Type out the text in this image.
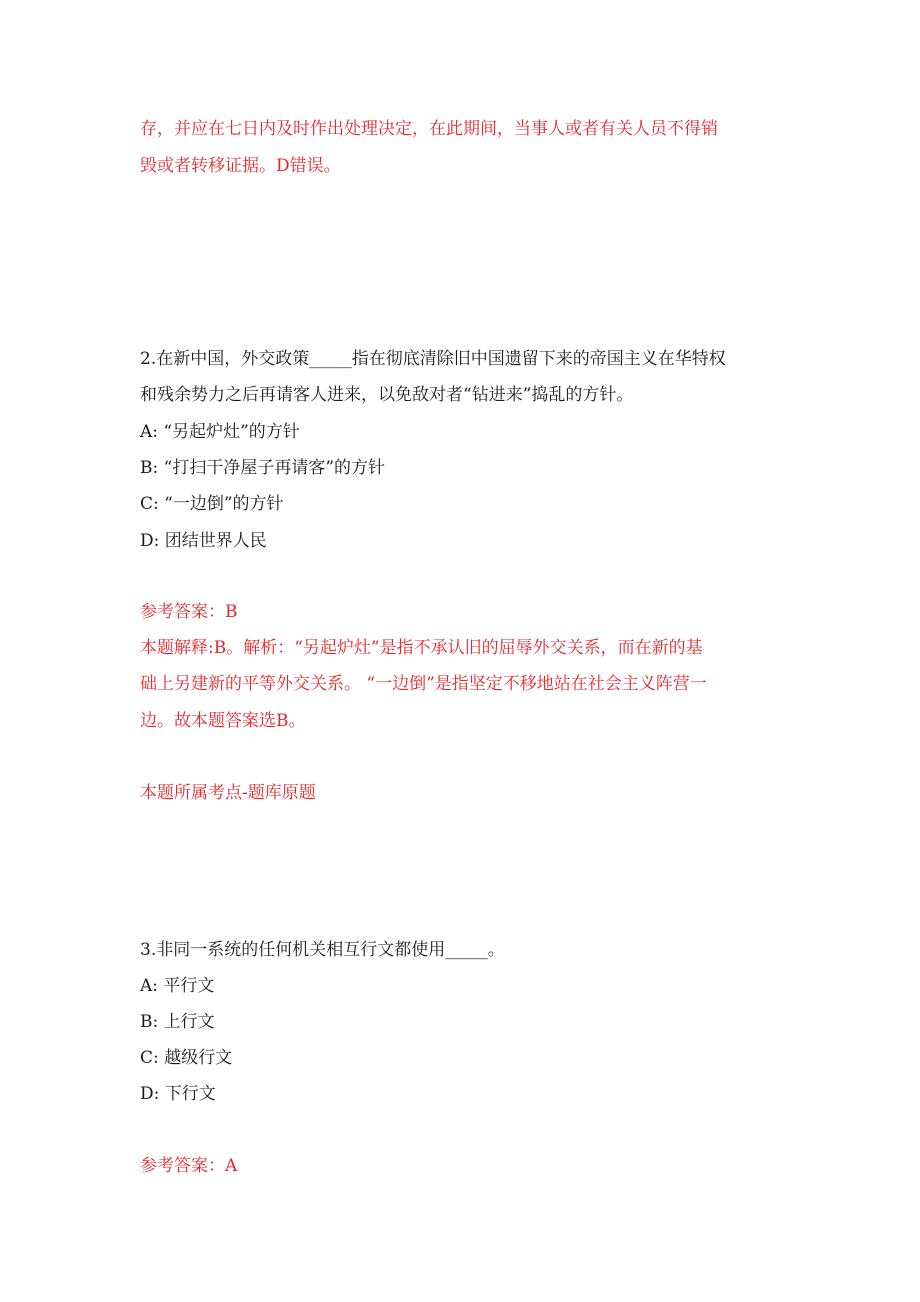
存，并应在七日内及时作出处理决定，在此期间，当事人或者有关人员不得销
毁或者转移证据。D错误。
2.在新中国，外交政策_____指在彻底清除旧中国遗留下来的帝国主义在华特权
和残余势力之后再请客人进来，以免敌对者“钻进来”捣乱的方针。
A: “另起炉灶”的方针
B: “打扫干净屋子再请客”的方针
C: “一边倒”的方针
D: 团结世界人民
参考答案：B
本题解释:B。解析：“另起炉灶”是指不承认旧的屈辱外交关系，而在新的基
础上另建新的平等外交关系。 “一边倒”是指坚定不移地站在社会主义阵营一
边。故本题答案选B。
本题所属考点-题库原题
3.非同一系统的任何机关相互行文都使用_____。
A: 平行文
B: 上行文
C: 越级行文
D: 下行文
参考答案：A
